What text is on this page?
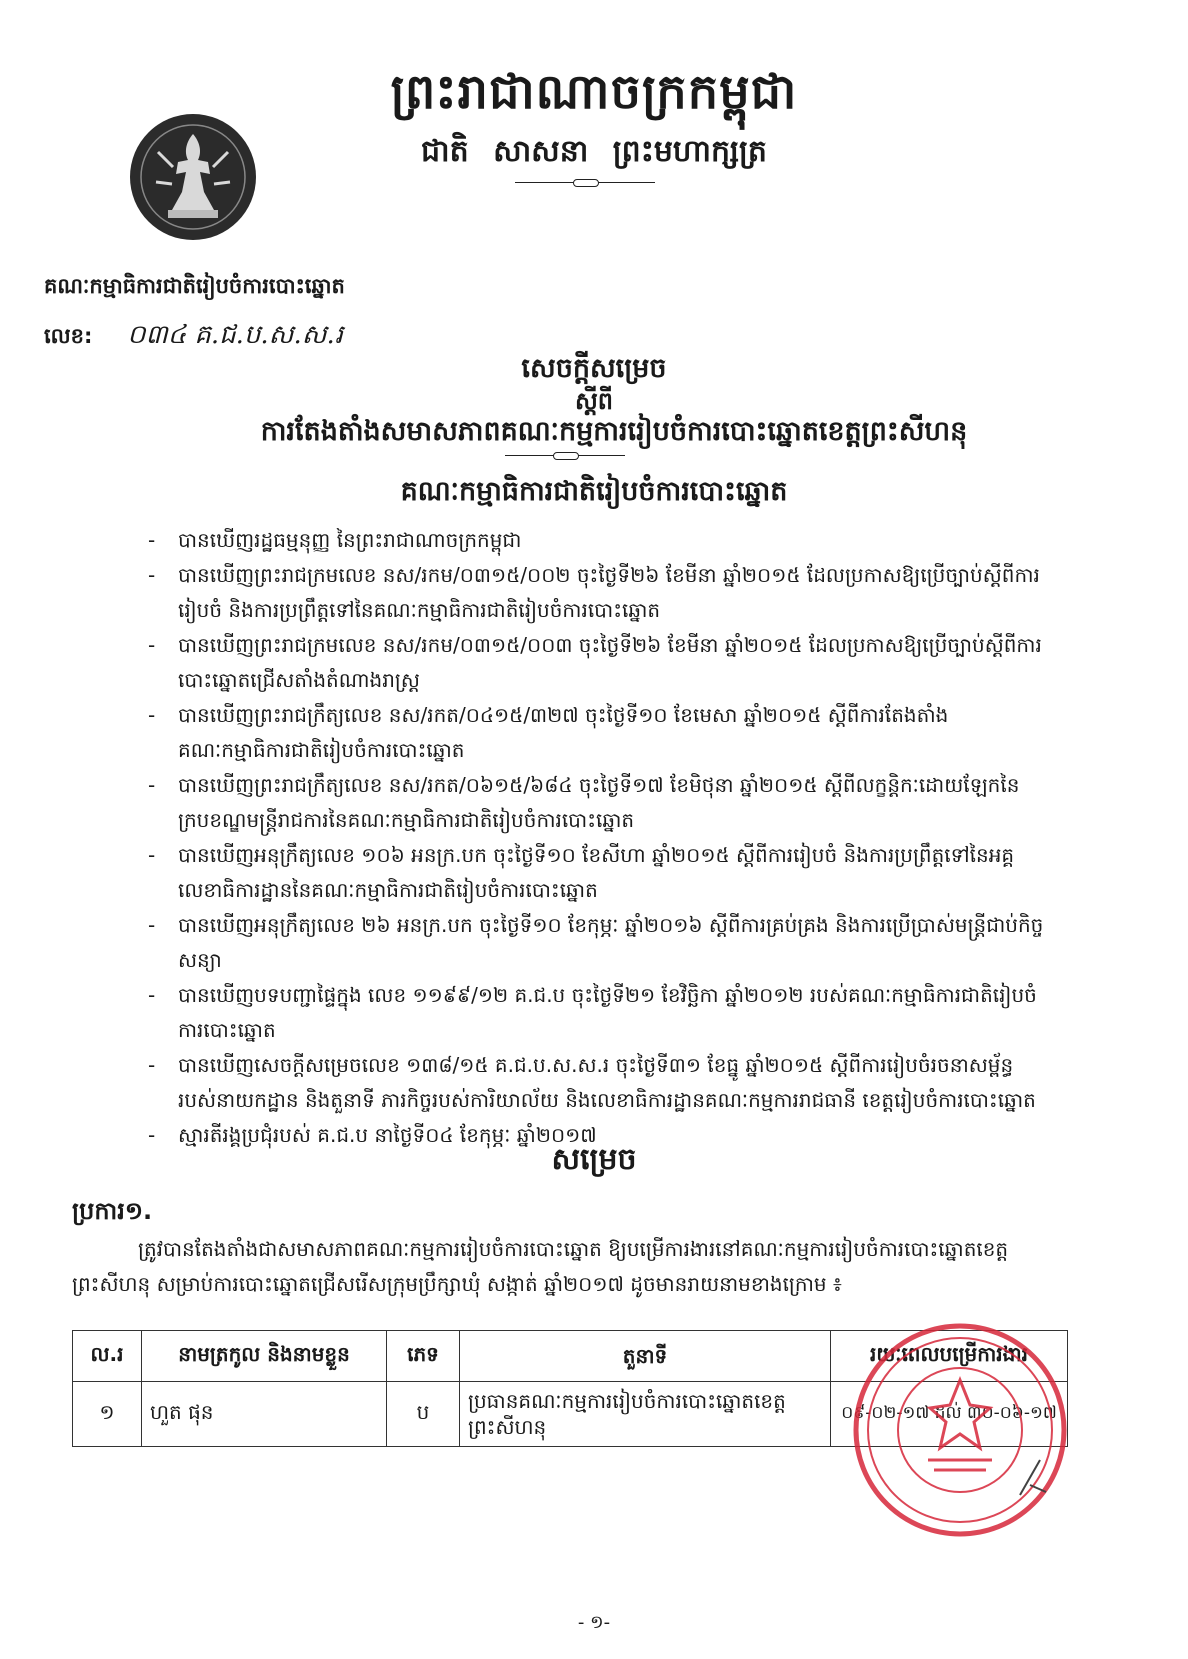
ព្រះរាជាណាចក្រកម្ពុជា
ជាតិ សាសនា ព្រះមហាក្សត្រ
គណៈកម្មាធិការជាតិរៀបចំការបោះឆ្នោត
លេខ: ០៣៤ គ.ជ.ប.ស.ស.រ
សេចក្តីសម្រេច
ស្តីពី
ការតែងតាំងសមាសភាពគណៈកម្មការរៀបចំការបោះឆ្នោតខេត្តព្រះសីហនុ
គណៈកម្មាធិការជាតិរៀបចំការបោះឆ្នោត
- បានឃើញរដ្ឋធម្មនុញ្ញ នៃព្រះរាជាណាចក្រកម្ពុជា
- បានឃើញព្រះរាជក្រមលេខ នស/រកម/០៣១៥/០០២ ចុះថ្ងៃទី២៦ ខែមីនា ឆ្នាំ២០១៥ ដែលប្រកាសឱ្យប្រើច្បាប់ស្តីពីការរៀបចំ និងការប្រព្រឹត្តទៅនៃគណៈកម្មាធិការជាតិរៀបចំការបោះឆ្នោត
- បានឃើញព្រះរាជក្រមលេខ នស/រកម/០៣១៥/០០៣ ចុះថ្ងៃទី២៦ ខែមីនា ឆ្នាំ២០១៥ ដែលប្រកាសឱ្យប្រើច្បាប់ស្តីពីការបោះឆ្នោតជ្រើសតាំងតំណាងរាស្ត្រ
- បានឃើញព្រះរាជក្រឹត្យលេខ នស/រកត/០៤១៥/៣២៧ ចុះថ្ងៃទី១០ ខែមេសា ឆ្នាំ២០១៥ ស្តីពីការតែងតាំងគណៈកម្មាធិការជាតិរៀបចំការបោះឆ្នោត
- បានឃើញព្រះរាជក្រឹត្យលេខ នស/រកត/០៦១៥/៦៨៤ ចុះថ្ងៃទី១៧ ខែមិថុនា ឆ្នាំ២០១៥ ស្តីពីលក្ខន្តិកៈដោយឡែកនៃក្របខណ្ឌមន្ត្រីរាជការនៃគណៈកម្មាធិការជាតិរៀបចំការបោះឆ្នោត
- បានឃើញអនុក្រឹត្យលេខ ១០៦ អនក្រ.បក ចុះថ្ងៃទី១០ ខែសីហា ឆ្នាំ២០១៥ ស្តីពីការរៀបចំ និងការប្រព្រឹត្តទៅនៃអគ្គលេខាធិការដ្ឋាននៃគណៈកម្មាធិការជាតិរៀបចំការបោះឆ្នោត
- បានឃើញអនុក្រឹត្យលេខ ២៦ អនក្រ.បក ចុះថ្ងៃទី១០ ខែកុម្ភៈ ឆ្នាំ២០១៦ ស្តីពីការគ្រប់គ្រង និងការប្រើប្រាស់មន្ត្រីជាប់កិច្ចសន្យា
- បានឃើញបទបញ្ជាផ្ទៃក្នុង លេខ ១១៩៩/១២ គ.ជ.ប ចុះថ្ងៃទី២១ ខែវិច្ឆិកា ឆ្នាំ២០១២ របស់គណៈកម្មាធិការជាតិរៀបចំការបោះឆ្នោត
- បានឃើញសេចក្តីសម្រេចលេខ ១៣៨/១៥ គ.ជ.ប.ស.ស.រ ចុះថ្ងៃទី៣១ ខែធ្នូ ឆ្នាំ២០១៥ ស្តីពីការរៀបចំរចនាសម្ព័ន្ធរបស់នាយកដ្ឋាន និងតួនាទី ភារកិច្ចរបស់ការិយាល័យ និងលេខាធិការដ្ឋានគណៈកម្មការរាជធានី ខេត្តរៀបចំការបោះឆ្នោត
- ស្មារតីរង្គប្រជុំរបស់ គ.ជ.ប នាថ្ងៃទី០៤ ខែកុម្ភៈ ឆ្នាំ២០១៧
សម្រេច
ប្រការ១.
ត្រូវបានតែងតាំងជាសមាសភាពគណៈកម្មការរៀបចំការបោះឆ្នោត ឱ្យបម្រើការងារនៅគណៈកម្មការរៀបចំការបោះឆ្នោតខេត្តព្រះសីហនុ សម្រាប់ការបោះឆ្នោតជ្រើសរើសក្រុមប្រឹក្សាឃុំ សង្កាត់ ឆ្នាំ២០១៧ ដូចមានរាយនាមខាងក្រោម ៖
ល.រ	នាមត្រកូល និងនាមខ្លួន	ភេទ	តួនាទី	រយៈពេលបម្រើការងារ
១	ហួត ផុន	ប	ប្រធានគណៈកម្មការរៀបចំការបោះឆ្នោតខេត្តព្រះសីហនុ	០៩-០២-១៧ ដល់ ៣០-០៦-១៧
- ១-
